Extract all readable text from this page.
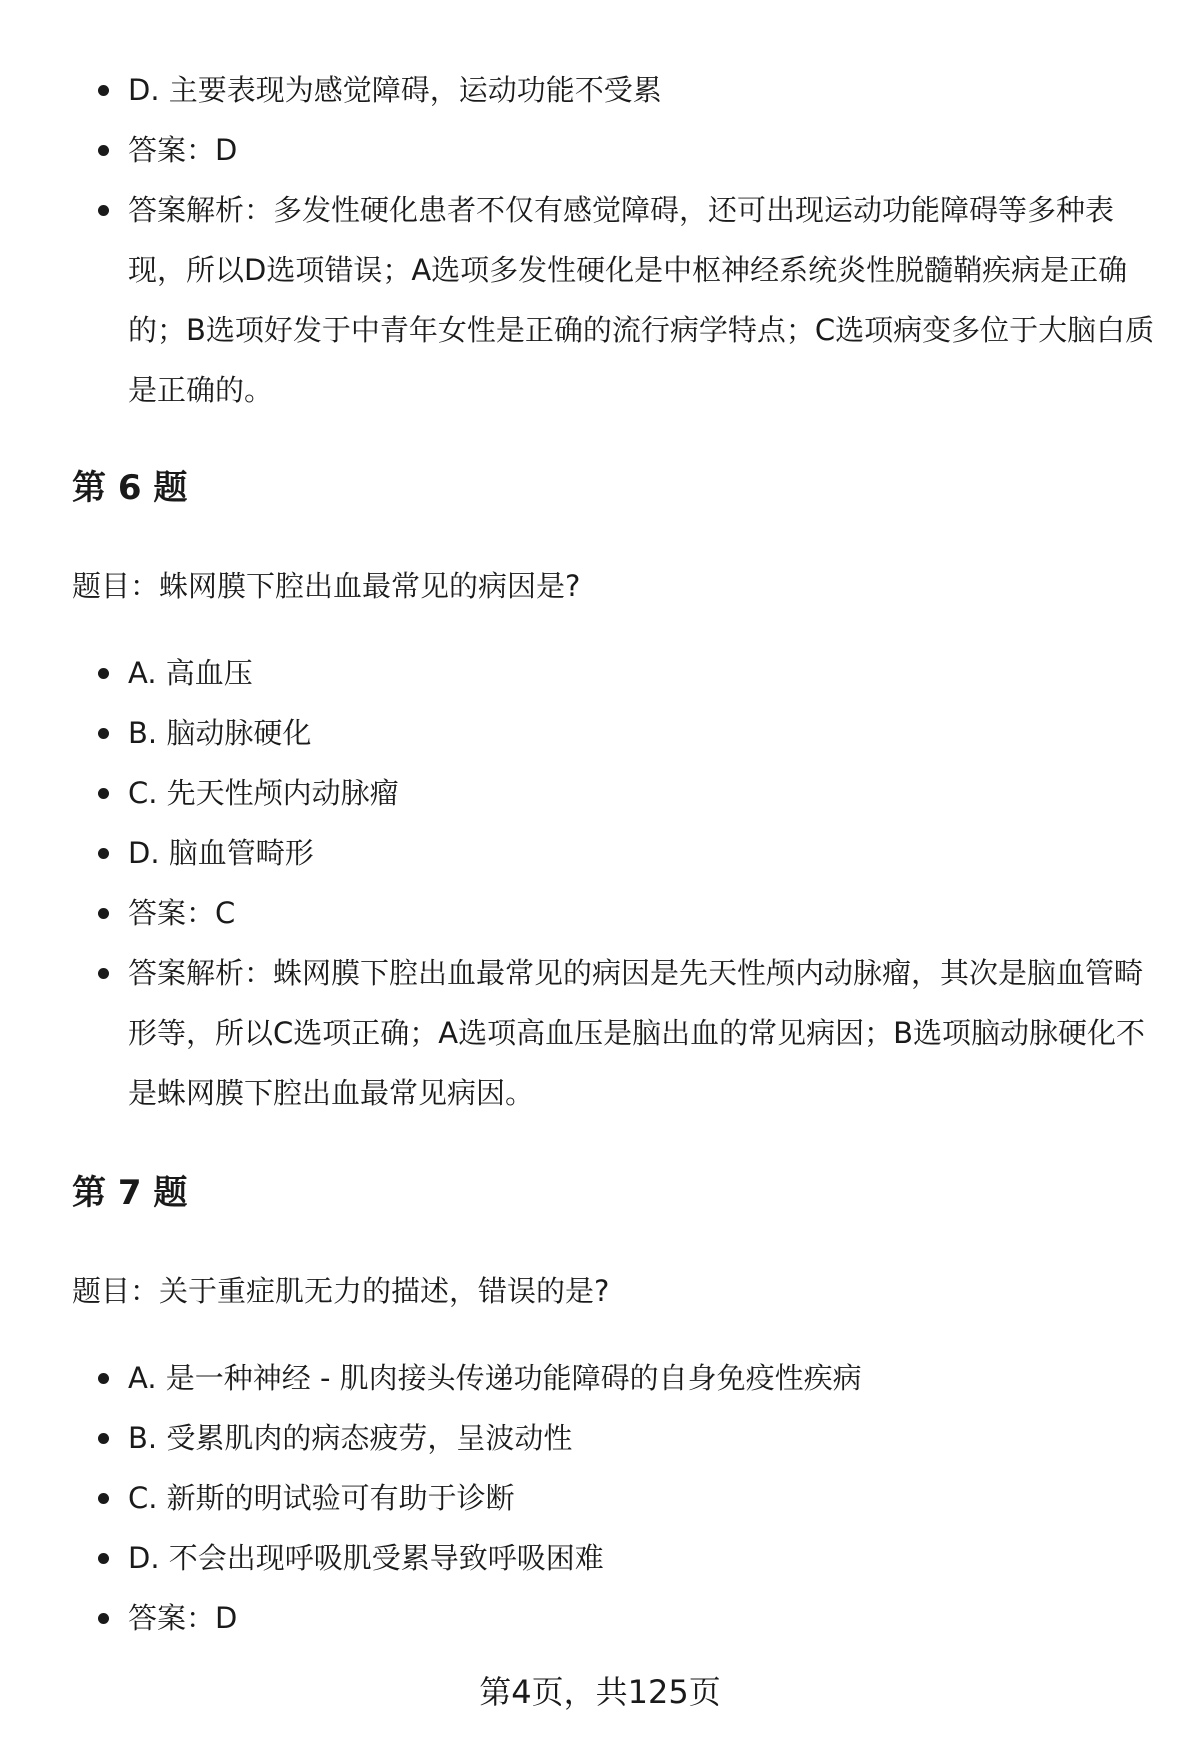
D. 主要表现为感觉障碍，运动功能不受累
答案：D
答案解析：多发性硬化患者不仅有感觉障碍，还可出现运动功能障碍等多种表现，所以D选项错误；A选项多发性硬化是中枢神经系统炎性脱髓鞘疾病是正确的；B选项好发于中青年女性是正确的流行病学特点；C选项病变多位于大脑白质是正确的。
第 6 题

题目：蛛网膜下腔出血最常见的病因是?

A. 高血压
B. 脑动脉硬化
C. 先天性颅内动脉瘤
D. 脑血管畸形
答案：C
答案解析：蛛网膜下腔出血最常见的病因是先天性颅内动脉瘤，其次是脑血管畸形等，所以C选项正确；A选项高血压是脑出血的常见病因；B选项脑动脉硬化不是蛛网膜下腔出血最常见病因。
第 7 题

题目：关于重症肌无力的描述，错误的是?

A. 是一种神经 - 肌肉接头传递功能障碍的自身免疫性疾病
B. 受累肌肉的病态疲劳，呈波动性
C. 新斯的明试验可有助于诊断
D. 不会出现呼吸肌受累导致呼吸困难
答案：D
第4页，共125页
